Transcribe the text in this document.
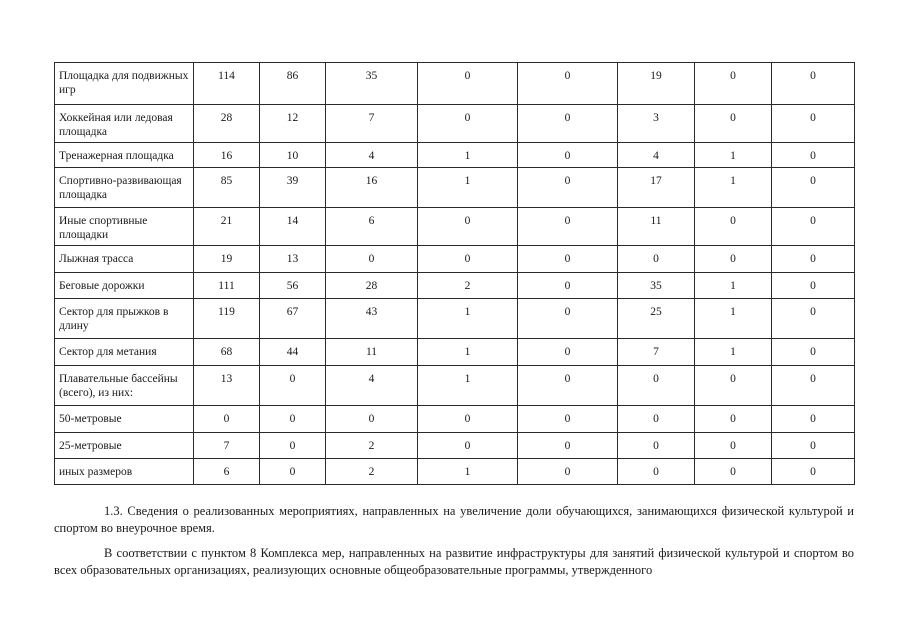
Площадка для подвижных игр	114	86	35	0	0	19	0	0
Хоккейная или ледовая площадка	28	12	7	0	0	3	0	0
Тренажерная площадка	16	10	4	1	0	4	1	0
Спортивно-развивающая площадка	85	39	16	1	0	17	1	0
Иные спортивные площадки	21	14	6	0	0	11	0	0
Лыжная трасса	19	13	0	0	0	0	0	0
Беговые дорожки	111	56	28	2	0	35	1	0
Сектор для прыжков в длину	119	67	43	1	0	25	1	0
Сектор для метания	68	44	11	1	0	7	1	0
Плавательные бассейны (всего), из них:	13	0	4	1	0	0	0	0
50-метровые	0	0	0	0	0	0	0	0
25-метровые	7	0	2	0	0	0	0	0
иных размеров	6	0	2	1	0	0	0	0

1.3. Сведения о реализованных мероприятиях, направленных на увеличение доли обучающихся, занимающихся физической культурой и спортом во внеурочное время.

В соответствии с пунктом 8 Комплекса мер, направленных на развитие инфраструктуры для занятий физической культурой и спортом во всех образовательных организациях, реализующих основные общеобразовательные программы, утвержденного
